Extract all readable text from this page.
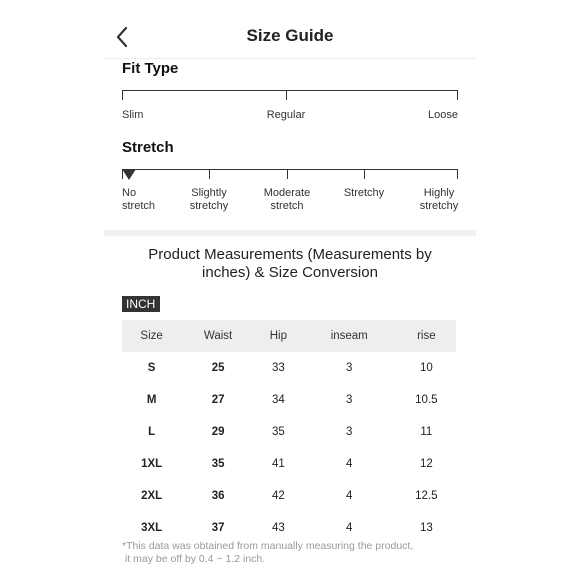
Size Guide
Fit Type
Slim	Regular	Loose
Stretch
No
stretch
Slightly
stretchy
Moderate
stretch
Stretchy	Highly
stretchy
Product Measurements (Measurements by
inches) & Size Conversion
INCH
Size	Waist	Hip	inseam	rise
S	25	33	3	10
M	27	34	3	10.5
L	29	35	3	11
1XL	35	41	4	12
2XL	36	42	4	12.5
3XL	37	43	4	13
*This data was obtained from manually measuring the product,
it may be off by 0.4 ~ 1.2 inch.
